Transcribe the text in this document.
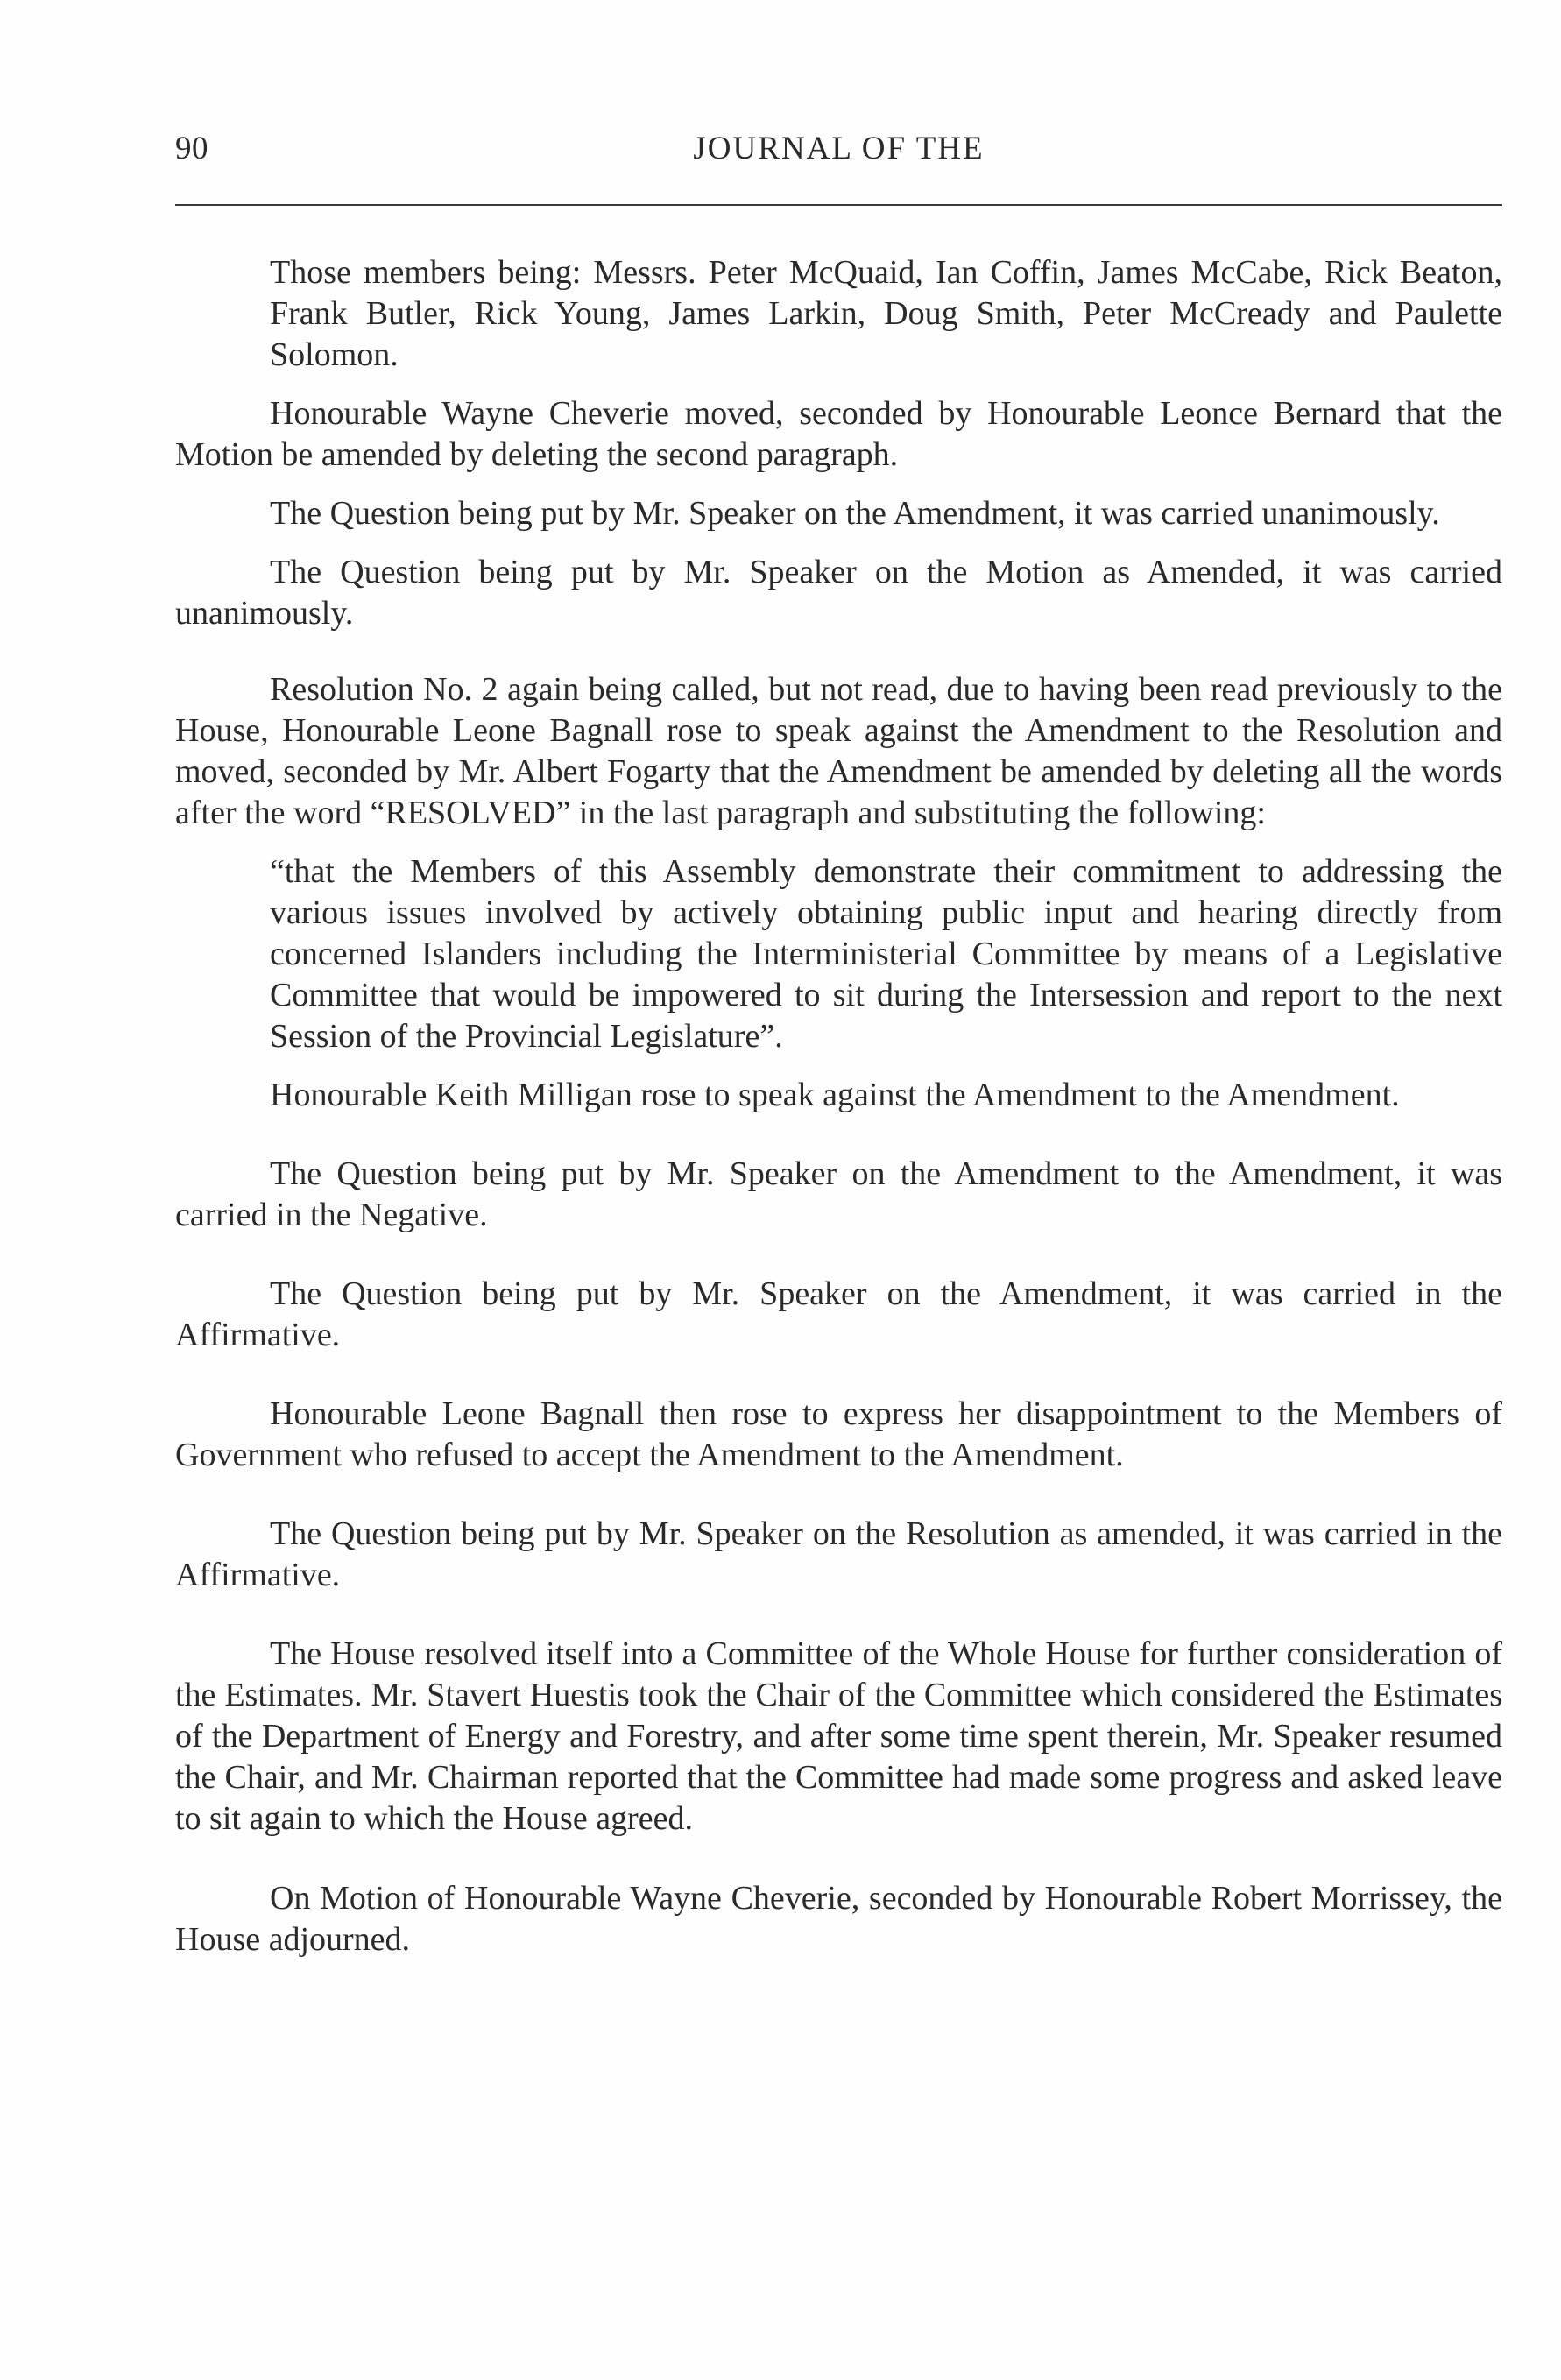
90	JOURNAL OF THE

Those members being: Messrs. Peter McQuaid, Ian Coffin, James McCabe, Rick Beaton, Frank Butler, Rick Young, James Larkin, Doug Smith, Peter McCready and Paulette Solomon.

Honourable Wayne Cheverie moved, seconded by Honourable Leonce Bernard that the Motion be amended by deleting the second paragraph.

The Question being put by Mr. Speaker on the Amendment, it was carried unanimously.

The Question being put by Mr. Speaker on the Motion as Amended, it was carried unanimously.

Resolution No. 2 again being called, but not read, due to having been read previously to the House, Honourable Leone Bagnall rose to speak against the Amendment to the Resolution and moved, seconded by Mr. Albert Fogarty that the Amendment be amended by deleting all the words after the word “RESOLVED” in the last paragraph and substituting the following:

“that the Members of this Assembly demonstrate their commitment to addressing the various issues involved by actively obtaining public input and hearing directly from concerned Islanders including the Interministerial Committee by means of a Legislative Committee that would be impowered to sit during the Intersession and report to the next Session of the Provincial Legislature”.

Honourable Keith Milligan rose to speak against the Amendment to the Amendment.

The Question being put by Mr. Speaker on the Amendment to the Amendment, it was carried in the Negative.

The Question being put by Mr. Speaker on the Amendment, it was carried in the Affirmative.

Honourable Leone Bagnall then rose to express her disappointment to the Members of Government who refused to accept the Amendment to the Amendment.

The Question being put by Mr. Speaker on the Resolution as amended, it was carried in the Affirmative.

The House resolved itself into a Committee of the Whole House for further consideration of the Estimates. Mr. Stavert Huestis took the Chair of the Committee which considered the Estimates of the Department of Energy and Forestry, and after some time spent therein, Mr. Speaker resumed the Chair, and Mr. Chairman reported that the Committee had made some progress and asked leave to sit again to which the House agreed.

On Motion of Honourable Wayne Cheverie, seconded by Honourable Robert Morrissey, the House adjourned.
